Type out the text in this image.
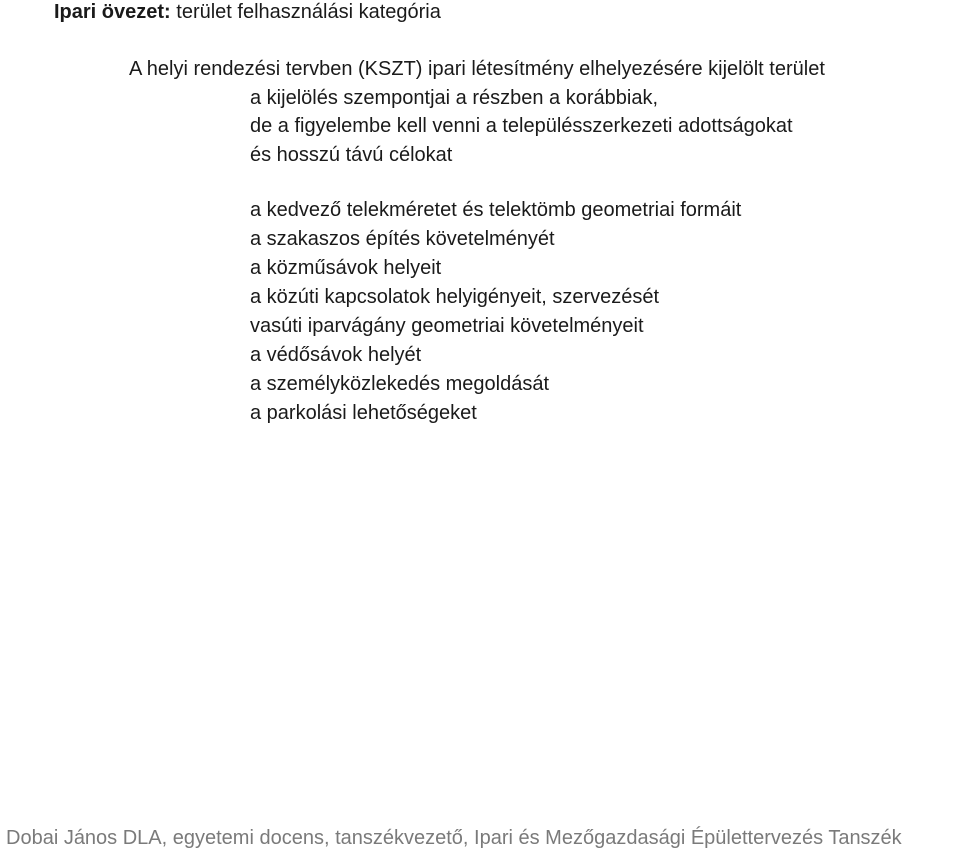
Ipari övezet: terület felhasználási kategória
A helyi rendezési tervben (KSZT) ipari létesítmény elhelyezésére kijelölt terület
a kijelölés szempontjai a részben a korábbiak,
de a figyelembe kell venni a településszerkezeti adottságokat
és hosszú távú célokat
a kedvező telekméretet és telektömb geometriai formáit
a szakaszos építés követelményét
a közműsávok helyeit
a közúti kapcsolatok helyigényeit, szervezését
vasúti iparvágány geometriai követelményeit
a védősávok helyét
a személyközlekedés megoldását
a parkolási lehetőségeket
Dobai János DLA, egyetemi docens, tanszékvezető, Ipari és Mezőgazdasági Épülettervezés Tanszék
